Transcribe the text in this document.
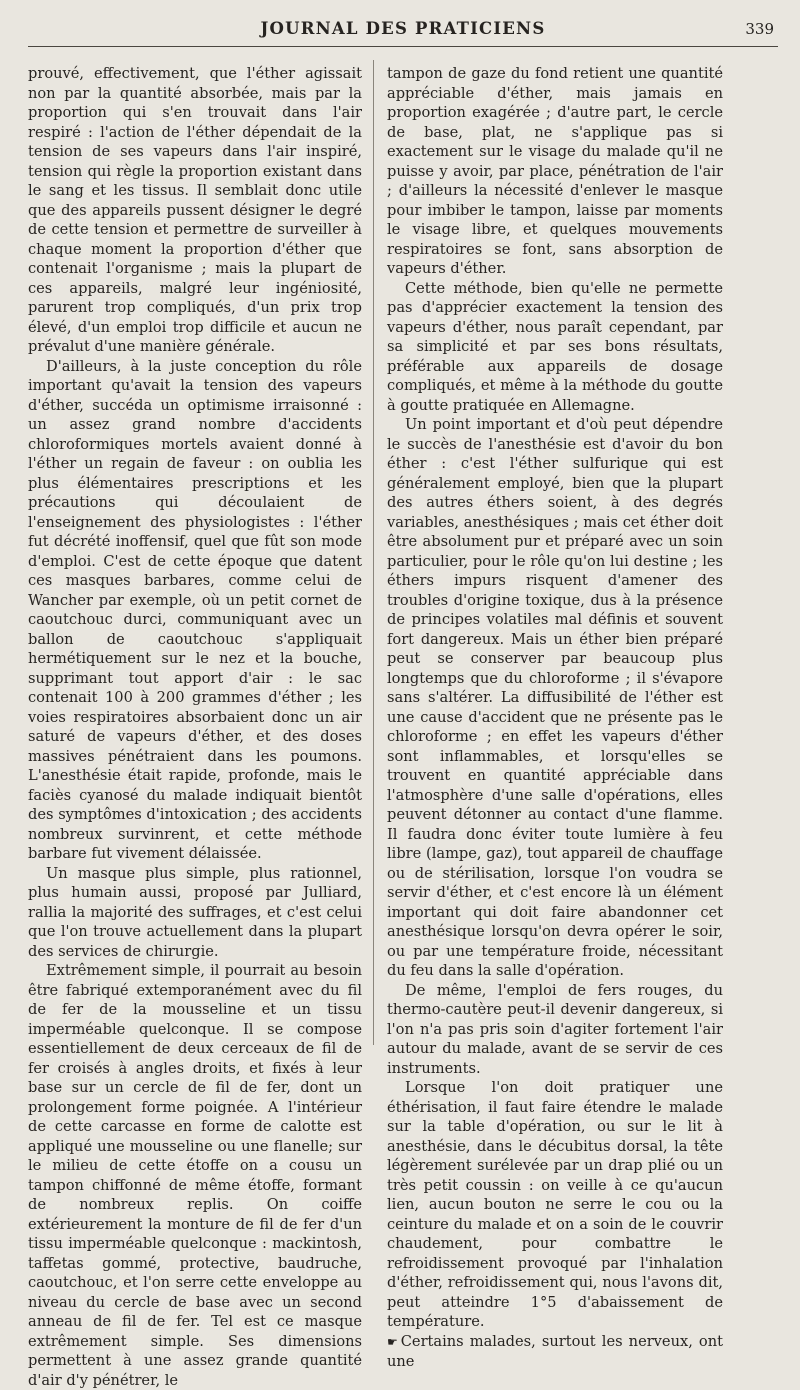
JOURNAL DES PRATICIENS	339

prouvé, effectivement, que l'éther agissait non par la quantité absorbée, mais par la proportion qui s'en trouvait dans l'air respiré : l'action de l'éther dépendait de la tension de ses vapeurs dans l'air inspiré, tension qui règle la proportion existant dans le sang et les tissus. Il semblait donc utile que des appareils pussent désigner le degré de cette tension et permettre de surveiller à chaque moment la proportion d'éther que contenait l'organisme ; mais la plupart de ces appareils, malgré leur ingéniosité, parurent trop compliqués, d'un prix trop élevé, d'un emploi trop difficile et aucun ne prévalut d'une manière générale.

D'ailleurs, à la juste conception du rôle important qu'avait la tension des vapeurs d'éther, succéda un optimisme irraisonné : un assez grand nombre d'accidents chloroformiques mortels avaient donné à l'éther un regain de faveur : on oublia les plus élémentaires prescriptions et les précautions qui découlaient de l'enseignement des physiologistes : l'éther fut décrété inoffensif, quel que fût son mode d'emploi. C'est de cette époque que datent ces masques barbares, comme celui de Wancher par exemple, où un petit cornet de caoutchouc durci, communiquant avec un ballon de caoutchouc s'appliquait hermétiquement sur le nez et la bouche, supprimant tout apport d'air : le sac contenait 100 à 200 grammes d'éther ; les voies respiratoires absorbaient donc un air saturé de vapeurs d'éther, et des doses massives pénétraient dans les poumons. L'anesthésie était rapide, profonde, mais le faciès cyanosé du malade indiquait bientôt des symptômes d'intoxication ; des accidents nombreux survinrent, et cette méthode barbare fut vivement délaissée.

Un masque plus simple, plus rationnel, plus humain aussi, proposé par Julliard, rallia la majorité des suffrages, et c'est celui que l'on trouve actuellement dans la plupart des services de chirurgie.

Extrêmement simple, il pourrait au besoin être fabriqué extemporanément avec du fil de fer de la mousseline et un tissu imperméable quelconque. Il se compose essentiellement de deux cerceaux de fil de fer croisés à angles droits, et fixés à leur base sur un cercle de fil de fer, dont un prolongement forme poignée. A l'intérieur de cette carcasse en forme de calotte est appliqué une mousseline ou une flanelle; sur le milieu de cette étoffe on a cousu un tampon chiffonné de même étoffe, formant de nombreux replis. On coiffe extérieurement la monture de fil de fer d'un tissu imperméable quelconque : mackintosh, taffetas gommé, protective, baudruche, caoutchouc, et l'on serre cette enveloppe au niveau du cercle de base avec un second anneau de fil de fer. Tel est ce masque extrêmement simple. Ses dimensions permettent à une assez grande quantité d'air d'y pénétrer, le

tampon de gaze du fond retient une quantité appréciable d'éther, mais jamais en proportion exagérée ; d'autre part, le cercle de base, plat, ne s'applique pas si exactement sur le visage du malade qu'il ne puisse y avoir, par place, pénétration de l'air ; d'ailleurs la nécessité d'enlever le masque pour imbiber le tampon, laisse par moments le visage libre, et quelques mouvements respiratoires se font, sans absorption de vapeurs d'éther.

Cette méthode, bien qu'elle ne permette pas d'apprécier exactement la tension des vapeurs d'éther, nous paraît cependant, par sa simplicité et par ses bons résultats, préférable aux appareils de dosage compliqués, et même à la méthode du goutte à goutte pratiquée en Allemagne.

Un point important et d'où peut dépendre le succès de l'anesthésie est d'avoir du bon éther : c'est l'éther sulfurique qui est généralement employé, bien que la plupart des autres éthers soient, à des degrés variables, anesthésiques ; mais cet éther doit être absolument pur et préparé avec un soin particulier, pour le rôle qu'on lui destine ; les éthers impurs risquent d'amener des troubles d'origine toxique, dus à la présence de principes volatiles mal définis et souvent fort dangereux. Mais un éther bien préparé peut se conserver par beaucoup plus longtemps que du chloroforme ; il s'évapore sans s'altérer. La diffusibilité de l'éther est une cause d'accident que ne présente pas le chloroforme ; en effet les vapeurs d'éther sont inflammables, et lorsqu'elles se trouvent en quantité appréciable dans l'atmosphère d'une salle d'opérations, elles peuvent détonner au contact d'une flamme. Il faudra donc éviter toute lumière à feu libre (lampe, gaz), tout appareil de chauffage ou de stérilisation, lorsque l'on voudra se servir d'éther, et c'est encore là un élément important qui doit faire abandonner cet anesthésique lorsqu'on devra opérer le soir, ou par une température froide, nécessitant du feu dans la salle d'opération.

De même, l'emploi de fers rouges, du thermo-cautère peut-il devenir dangereux, si l'on n'a pas pris soin d'agiter fortement l'air autour du malade, avant de se servir de ces instruments.

Lorsque l'on doit pratiquer une éthérisation, il faut faire étendre le malade sur la table d'opération, ou sur le lit à anesthésie, dans le décubitus dorsal, la tête légèrement surélevée par un drap plié ou un très petit coussin : on veille à ce qu'aucun lien, aucun bouton ne serre le cou ou la ceinture du malade et on a soin de le couvrir chaudement, pour combattre le refroidissement provoqué par l'inhalation d'éther, refroidissement qui, nous l'avons dit, peut atteindre 1°5 d'abaissement de température.

☛ Certains malades, surtout les nerveux, ont une
